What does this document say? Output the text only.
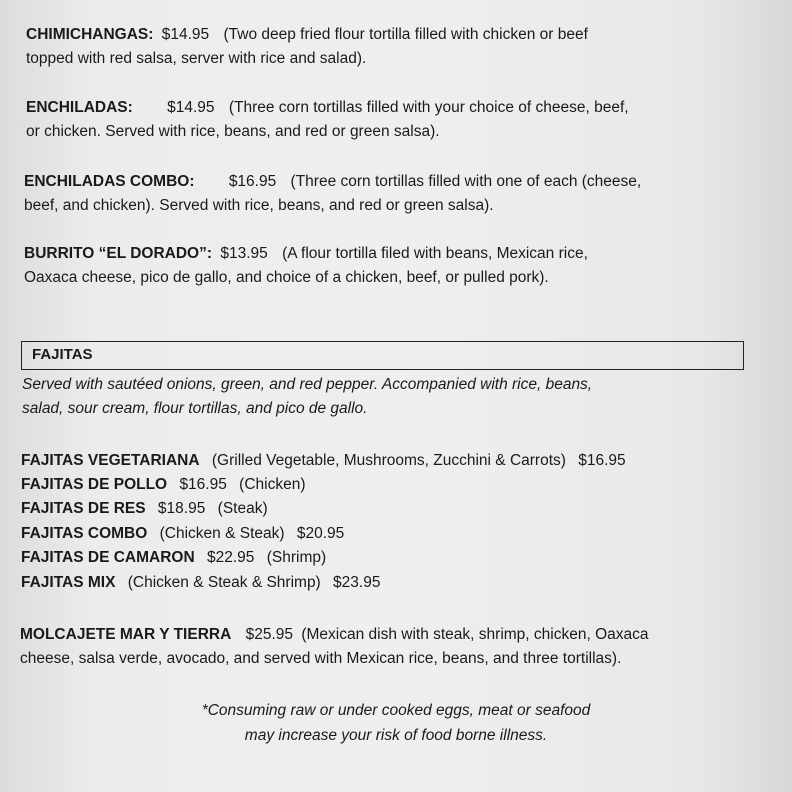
CHIMICHANGAS: $14.95 (Two deep fried flour tortilla filled with chicken or beef
topped with red salsa, server with rice and salad).
ENCHILADAS: $14.95 (Three corn tortillas filled with your choice of cheese, beef,
or chicken. Served with rice, beans, and red or green salsa).
ENCHILADAS COMBO: $16.95 (Three corn tortillas filled with one of each (cheese,
beef, and chicken). Served with rice, beans, and red or green salsa).
BURRITO “EL DORADO”: $13.95 (A flour tortilla filed with beans, Mexican rice,
Oaxaca cheese, pico de gallo, and choice of a chicken, beef, or pulled pork).
FAJITAS
Served with sautéed onions, green, and red pepper. Accompanied with rice, beans,
salad, sour cream, flour tortillas, and pico de gallo.
FAJITAS VEGETARIANA (Grilled Vegetable, Mushrooms, Zucchini & Carrots) $16.95
FAJITAS DE POLLO $16.95 (Chicken)
FAJITAS DE RES $18.95 (Steak)
FAJITAS COMBO (Chicken & Steak) $20.95
FAJITAS DE CAMARON $22.95 (Shrimp)
FAJITAS MIX (Chicken & Steak & Shrimp) $23.95
MOLCAJETE MAR Y TIERRA $25.95 (Mexican dish with steak, shrimp, chicken, Oaxaca
cheese, salsa verde, avocado, and served with Mexican rice, beans, and three tortillas).
*Consuming raw or under cooked eggs, meat or seafood
may increase your risk of food borne illness.
